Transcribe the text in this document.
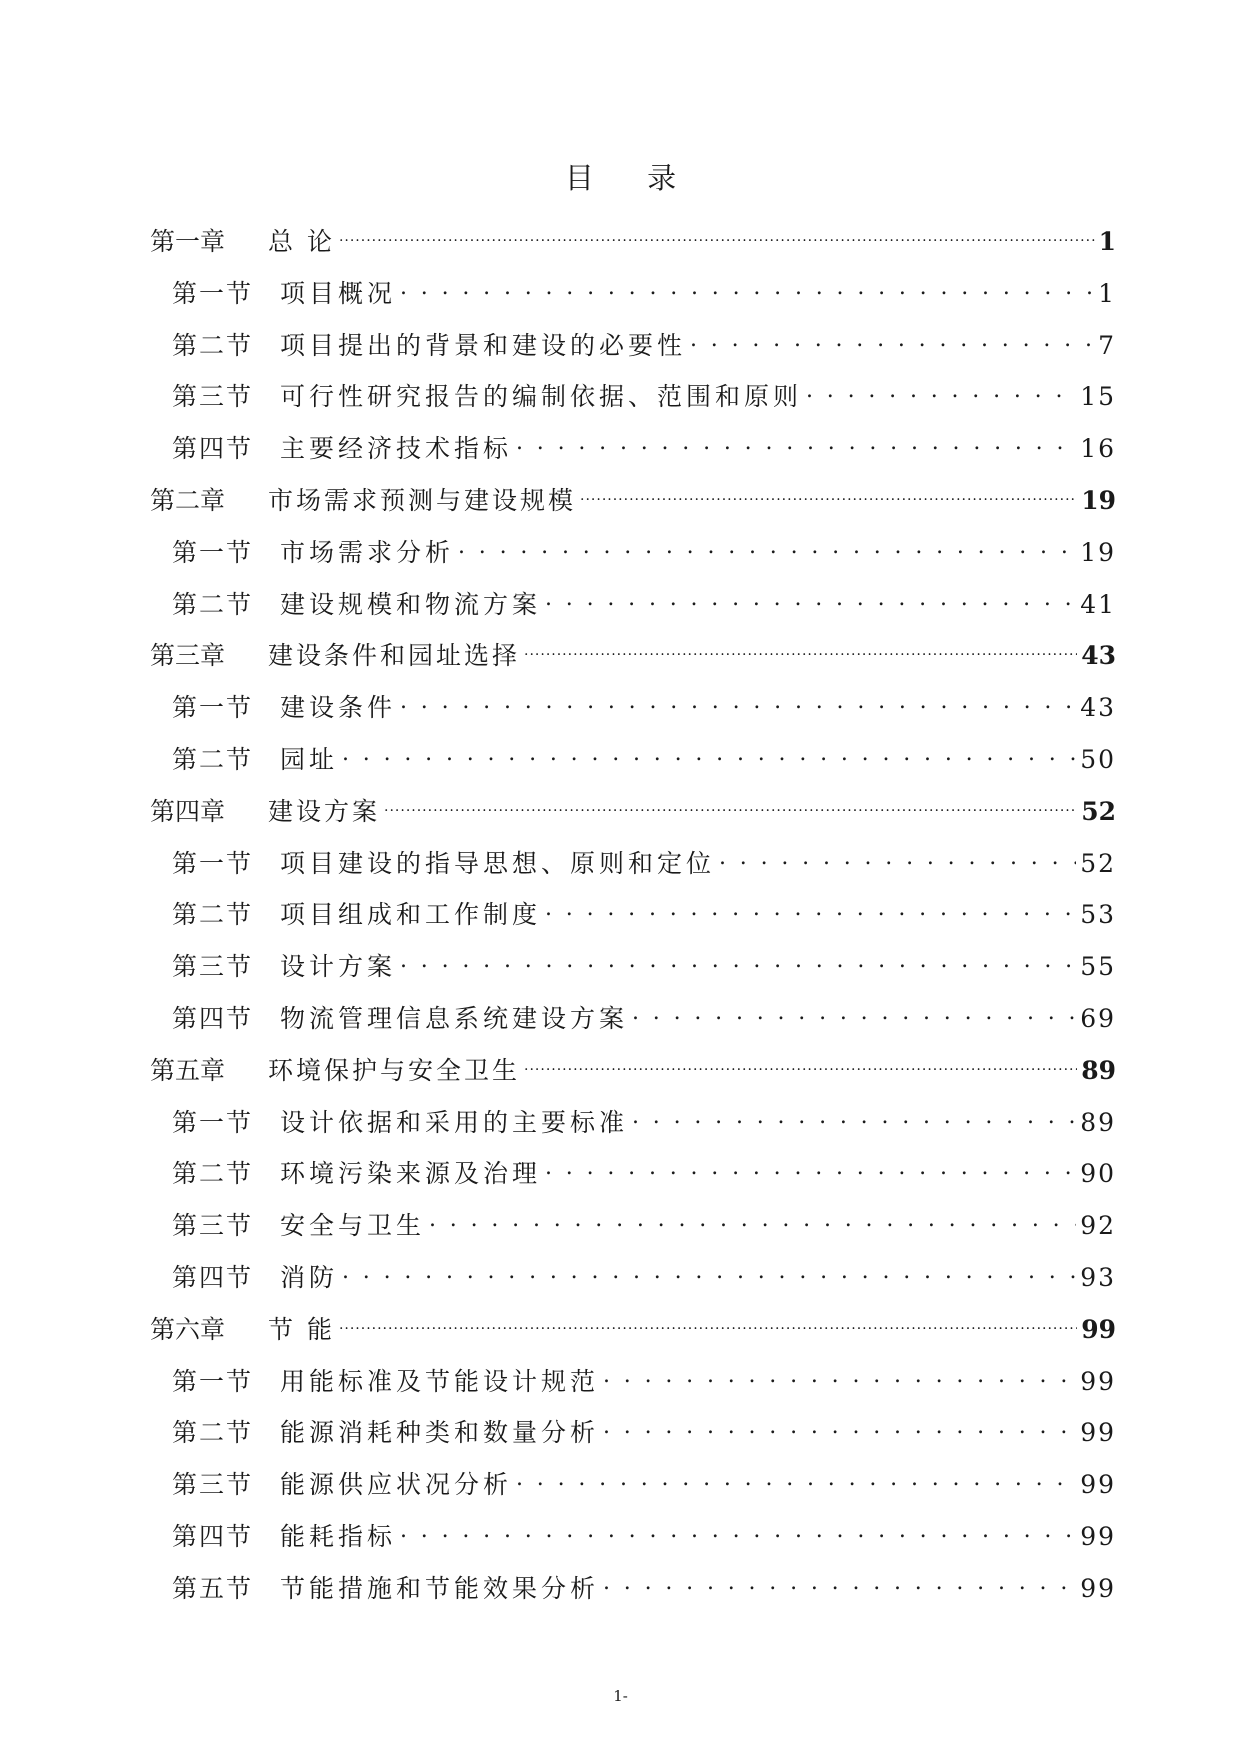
目 录
第一章	总 论 .....	1
第一节	项目概况 . . .	1
第二节	项目提出的背景和建设的必要性 . . .	7
第三节	可行性研究报告的编制依据、范围和原则 . . .	15
第四节	主要经济技术指标 . . .	16
第二章	市场需求预测与建设规模 .....	19
第一节	市场需求分析 . . .	19
第二节	建设规模和物流方案 . . .	41
第三章	建设条件和园址选择 .....	43
第一节	建设条件 . . .	43
第二节	园址 . . .	50
第四章	建设方案 .....	52
第一节	项目建设的指导思想、原则和定位 . . .	52
第二节	项目组成和工作制度 . . .	53
第三节	设计方案 . . .	55
第四节	物流管理信息系统建设方案 . . .	69
第五章	环境保护与安全卫生 .....	89
第一节	设计依据和采用的主要标准 . . .	89
第二节	环境污染来源及治理 . . .	90
第三节	安全与卫生 . . .	92
第四节	消防 . . .	93
第六章	节 能 .....	99
第一节	用能标准及节能设计规范 . . .	99
第二节	能源消耗种类和数量分析 . . .	99
第三节	能源供应状况分析 . . .	99
第四节	能耗指标 . . .	99
第五节	节能措施和节能效果分析 . . .	99
1-
